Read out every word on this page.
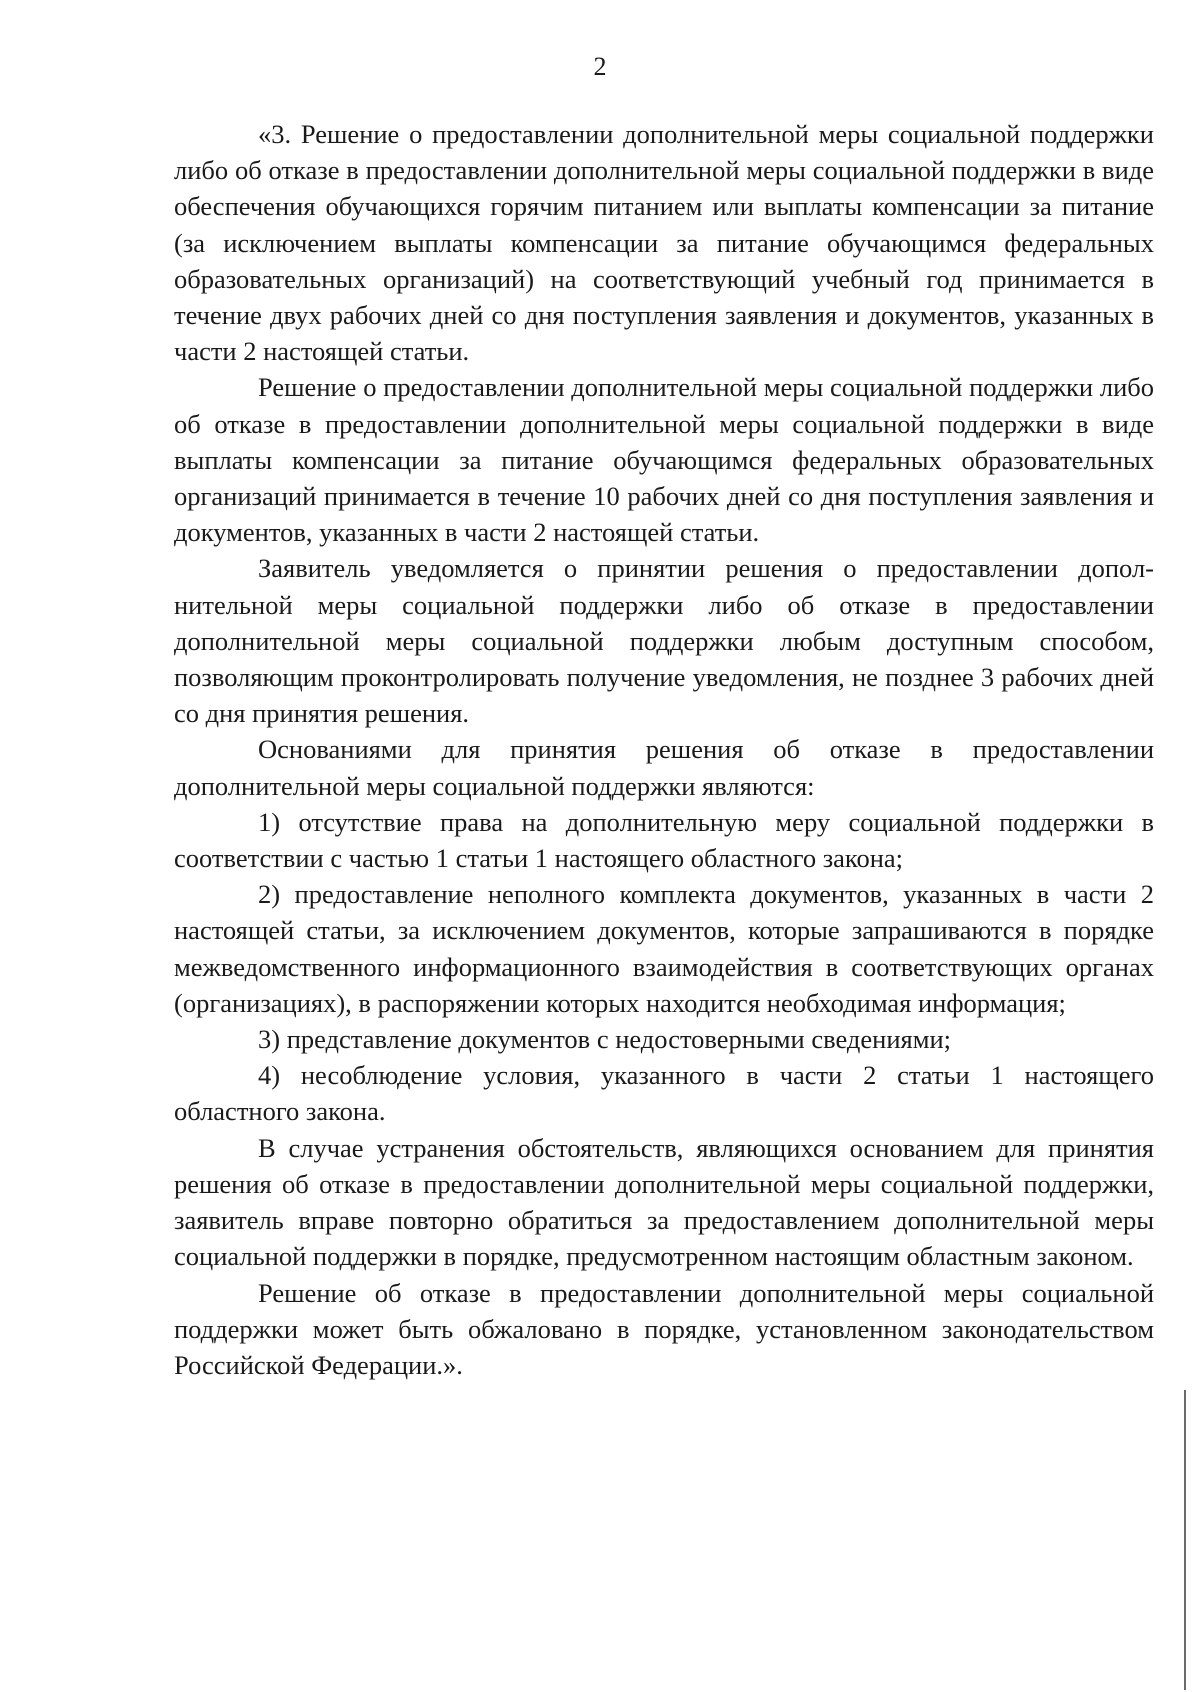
2

«3. Решение о предоставлении дополнительной меры социальной поддержки либо об отказе в предоставлении дополнительной меры социальной поддержки в виде обеспечения обучающихся горячим питанием или выплаты компенсации за питание (за исключением выплаты компенсации за питание обучающимся федеральных образовательных организаций) на соответствующий учебный год принимается в течение двух рабочих дней со дня поступления заявления и документов, указанных в части 2 настоящей статьи.

Решение о предоставлении дополнительной меры социальной поддержки либо об отказе в предоставлении дополнительной меры социальной поддержки в виде выплаты компенсации за питание обучающимся федеральных образовательных организаций принимается в течение 10 рабочих дней со дня поступления заявления и документов, указанных в части 2 настоящей статьи.

Заявитель уведомляется о принятии решения о предоставлении дополнительной меры социальной поддержки либо об отказе в предоставлении дополнительной меры социальной поддержки любым доступным способом, позволяющим проконтролировать получение уведомления, не позднее 3 рабочих дней со дня принятия решения.

Основаниями для принятия решения об отказе в предоставлении дополнительной меры социальной поддержки являются:

1) отсутствие права на дополнительную меру социальной поддержки в соответствии с частью 1 статьи 1 настоящего областного закона;

2) предоставление неполного комплекта документов, указанных в части 2 настоящей статьи, за исключением документов, которые запрашиваются в порядке межведомственного информационного взаимодействия в соответствующих органах (организациях), в распоряжении которых находится необходимая информация;

3) представление документов с недостоверными сведениями;

4) несоблюдение условия, указанного в части 2 статьи 1 настоящего областного закона.

В случае устранения обстоятельств, являющихся основанием для принятия решения об отказе в предоставлении дополнительной меры социальной поддержки, заявитель вправе повторно обратиться за предоставлением дополнительной меры социальной поддержки в порядке, предусмотренном настоящим областным законом.

Решение об отказе в предоставлении дополнительной меры социальной поддержки может быть обжаловано в порядке, установленном законодательством Российской Федерации.».
